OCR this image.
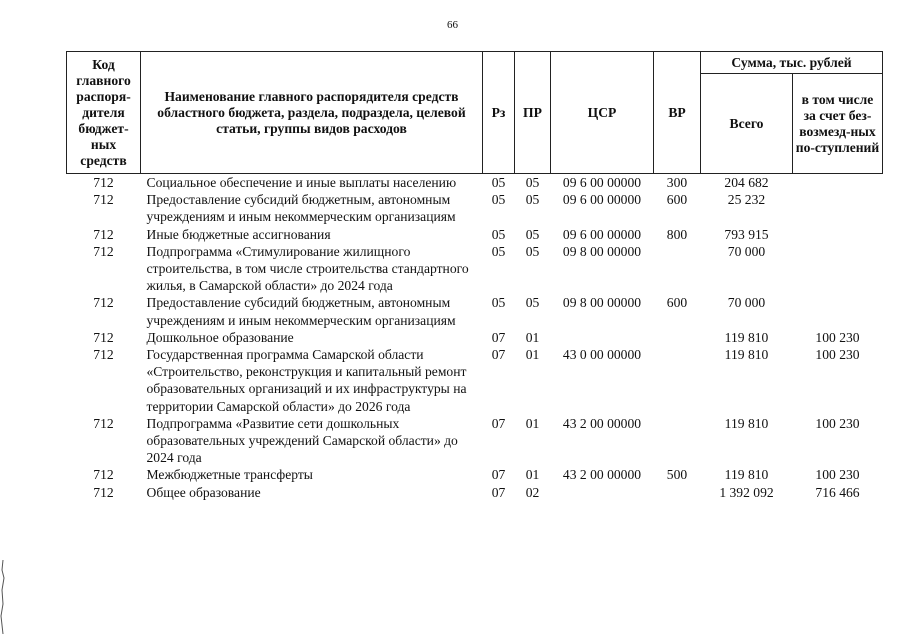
66
Код главного распоря-дителя бюджет-ных средств	Наименование главного распорядителя средств областного бюджета, раздела, подраздела, целевой статьи, группы видов расходов	Рз	ПР	ЦСР	ВР	Сумма, тыс. рублей	
						Всего	в том числе за счет без-возмезд-ных по-ступлений
712	Социальное обеспечение и иные выплаты населению	05	05	09 6 00 00000	300	204 682	
712	Предоставление субсидий бюджетным, автономным учреждениям и иным некоммерческим организациям	05	05	09 6 00 00000	600	25 232	
712	Иные бюджетные ассигнования	05	05	09 6 00 00000	800	793 915	
712	Подпрограмма «Стимулирование жилищного строительства, в том числе строительства стандартного жилья, в Самарской области» до 2024 года	05	05	09 8 00 00000		70 000	
712	Предоставление субсидий бюджетным, автономным учреждениям и иным некоммерческим организациям	05	05	09 8 00 00000	600	70 000	
712	Дошкольное образование	07	01			119 810	100 230
712	Государственная программа Самарской области «Строительство, реконструкция и капитальный ремонт образовательных организаций и их инфраструктуры на территории Самарской области» до 2026 года	07	01	43 0 00 00000		119 810	100 230
712	Подпрограмма «Развитие сети дошкольных образовательных учреждений Самарской области» до 2024 года	07	01	43 2 00 00000		119 810	100 230
712	Межбюджетные трансферты	07	01	43 2 00 00000	500	119 810	100 230
712	Общее образование	07	02			1 392 092	716 466
